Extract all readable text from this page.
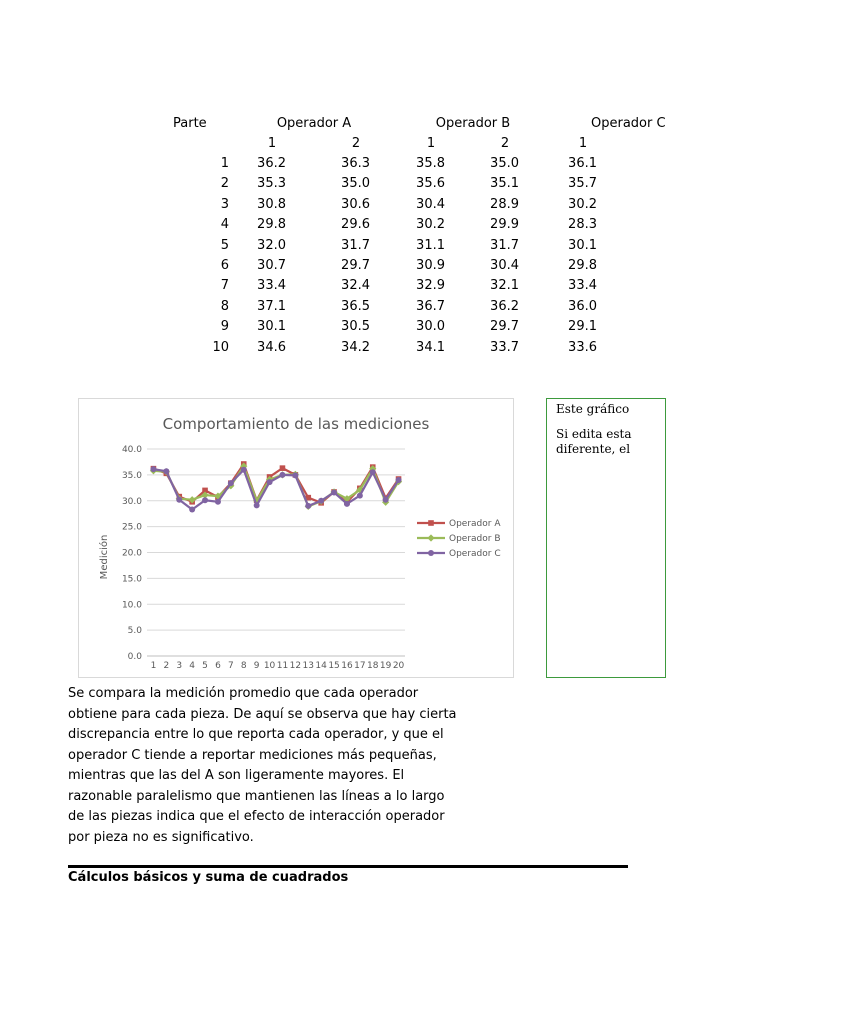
Parte	Operador A	Operador B	Operador C
1	2	1	2	1
1	36.2	36.3	35.8	35.0	36.1
2	35.3	35.0	35.6	35.1	35.7
3	30.8	30.6	30.4	28.9	30.2
4	29.8	29.6	30.2	29.9	28.3
5	32.0	31.7	31.1	31.7	30.1
6	30.7	29.7	30.9	30.4	29.8
7	33.4	32.4	32.9	32.1	33.4
8	37.1	36.5	36.7	36.2	36.0
9	30.1	30.5	30.0	29.7	29.1
10	34.6	34.2	34.1	33.7	33.6
Comportamiento de las mediciones
Medición
0.0
5.0
10.0
15.0
20.0
25.0
30.0
35.0
40.0
1 2 3 4 5 6 7 8 9 10 11 12 13 14 15 16 17 18 19 20
Operador A
Operador B
Operador C

Este gráfico

Si edita esta

diferente, el

Se compara la medición promedio que cada operador obtiene para cada pieza. De aquí se observa que hay cierta discrepancia entre lo que reporta cada operador, y que el operador C tiende a reportar mediciones más pequeñas, mientras que las del A son ligeramente mayores. El razonable paralelismo que mantienen las líneas a lo largo de las piezas indica que el efecto de interacción operador por pieza no es significativo.
Cálculos básicos y suma de cuadrados
